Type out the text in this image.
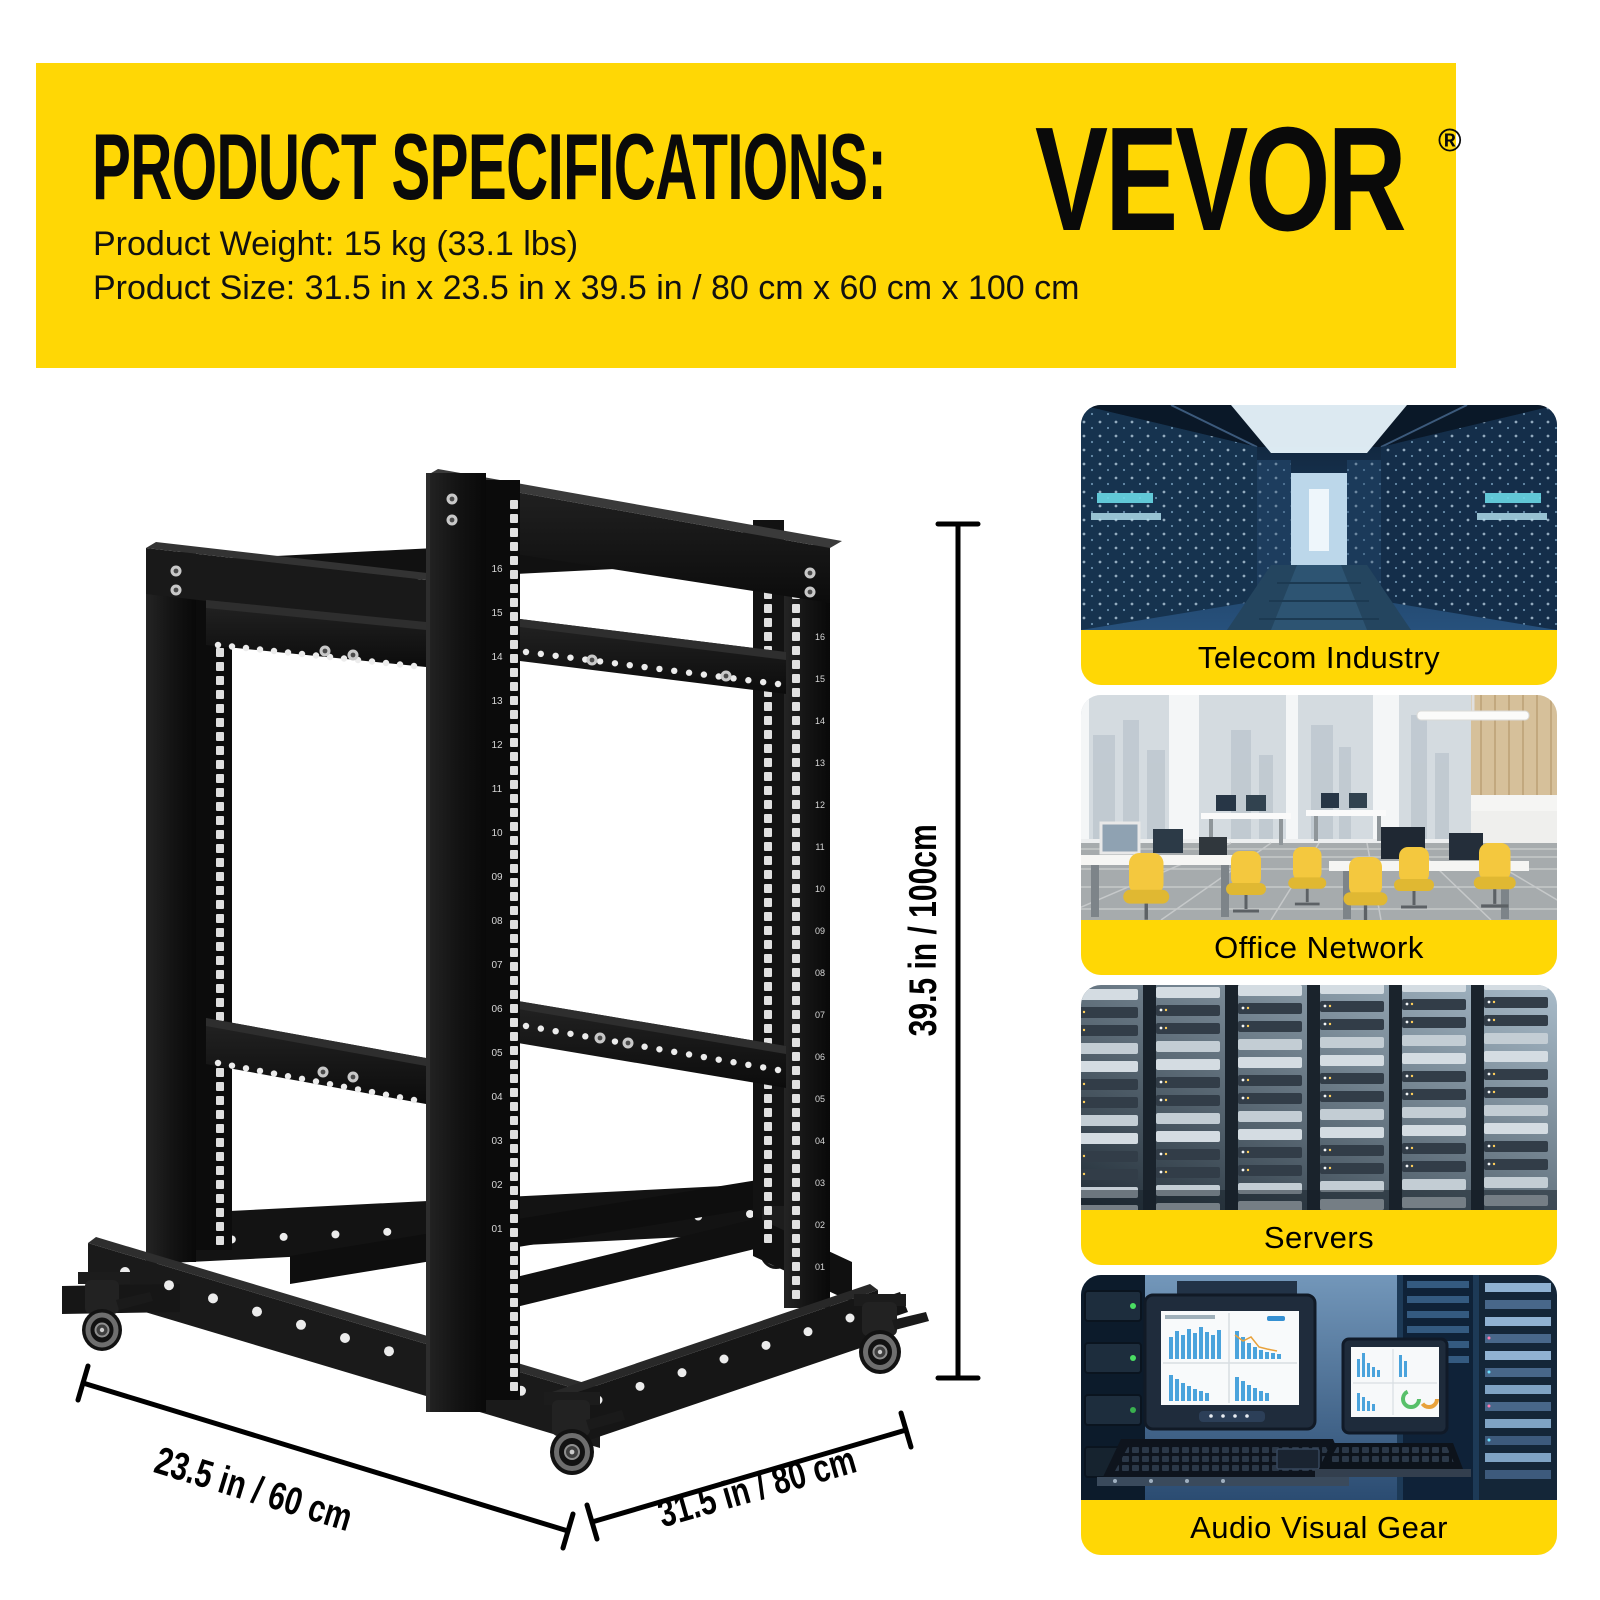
PRODUCT SPECIFICATIONS:
Product Weight: 15 kg (33.1 lbs)
Product Size: 31.5 in x 23.5 in x 39.5 in / 80 cm x 60 cm x 100 cm
VEVOR ®
16
15
14
13
12
11
10
09
08
07
06
05
04
03
02
01
16
15
14
13
12
11
10
09
08
07
06
05
04
03
02
01
39.5 in / 100cm
23.5 in / 60 cm	31.5 in / 80 cm
Telecom Industry
Office Network
Servers
Audio Visual Gear
